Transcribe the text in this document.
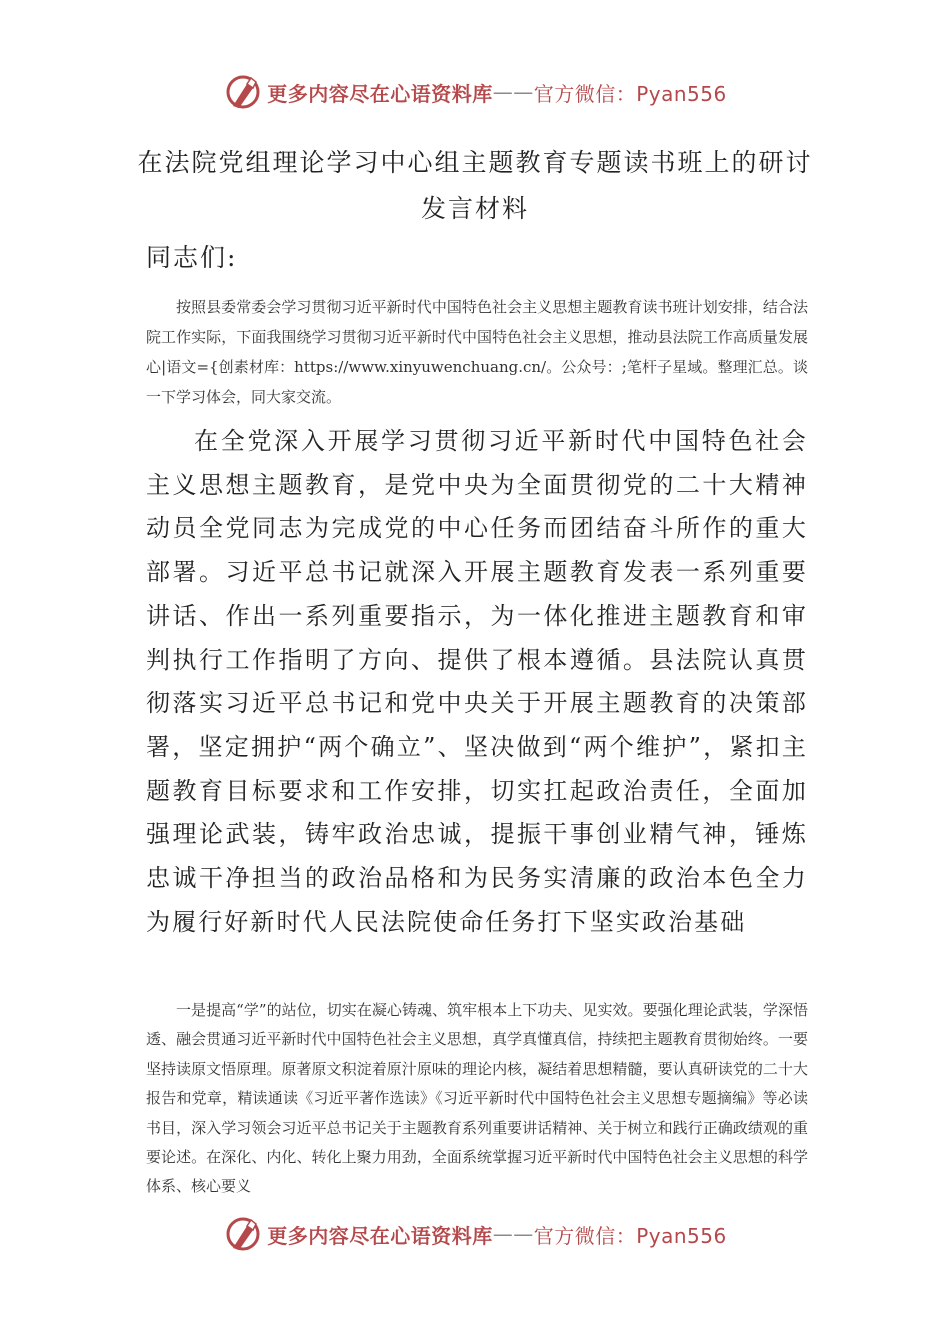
更多内容尽在心语资料库 —— 官方微信：Pyan556
在法院党组理论学习中心组主题教育专题读书班上的研讨
发言材料
同志们:
按照县委常委会学习贯彻习近平新时代中国特色社会主义思想主题教育读书班计划安排，结合法院工作实际，下面我围绕学习贯彻习近平新时代中国特色社会主义思想，推动县法院工作高质量发展心|语文={创素材库：https://www.xinyuwenchuang.cn/。公众号：;笔杆子星域。整理汇总。谈一下学习体会，同大家交流。
在全党深入开展学习贯彻习近平新时代中国特色社会主义思想主题教育，是党中央为全面贯彻党的二十大精神动员全党同志为完成党的中心任务而团结奋斗所作的重大部署。习近平总书记就深入开展主题教育发表一系列重要讲话、作出一系列重要指示，为一体化推进主题教育和审判执行工作指明了方向、提供了根本遵循。县法院认真贯彻落实习近平总书记和党中央关于开展主题教育的决策部署，坚定拥护“两个确立”、坚决做到“两个维护”，紧扣主题教育目标要求和工作安排，切实扛起政治责任，全面加强理论武装，铸牢政治忠诚，提振干事创业精气神，锤炼忠诚干净担当的政治品格和为民务实清廉的政治本色全力为履行好新时代人民法院使命任务打下坚实政治基础
一是提高“学”的站位，切实在凝心铸魂、筑牢根本上下功夫、见实效。要强化理论武装，学深悟透、融会贯通习近平新时代中国特色社会主义思想，真学真懂真信，持续把主题教育贯彻始终。一要坚持读原文悟原理。原著原文积淀着原汁原味的理论内核，凝结着思想精髓，要认真研读党的二十大报告和党章，精读通读《习近平著作选读》《习近平新时代中国特色社会主义思想专题摘编》等必读书目，深入学习领会习近平总书记关于主题教育系列重要讲话精神、关于树立和践行正确政绩观的重要论述。在深化、内化、转化上聚力用劲，全面系统掌握习近平新时代中国特色社会主义思想的科学体系、核心要义
更多内容尽在心语资料库 —— 官方微信：Pyan556
